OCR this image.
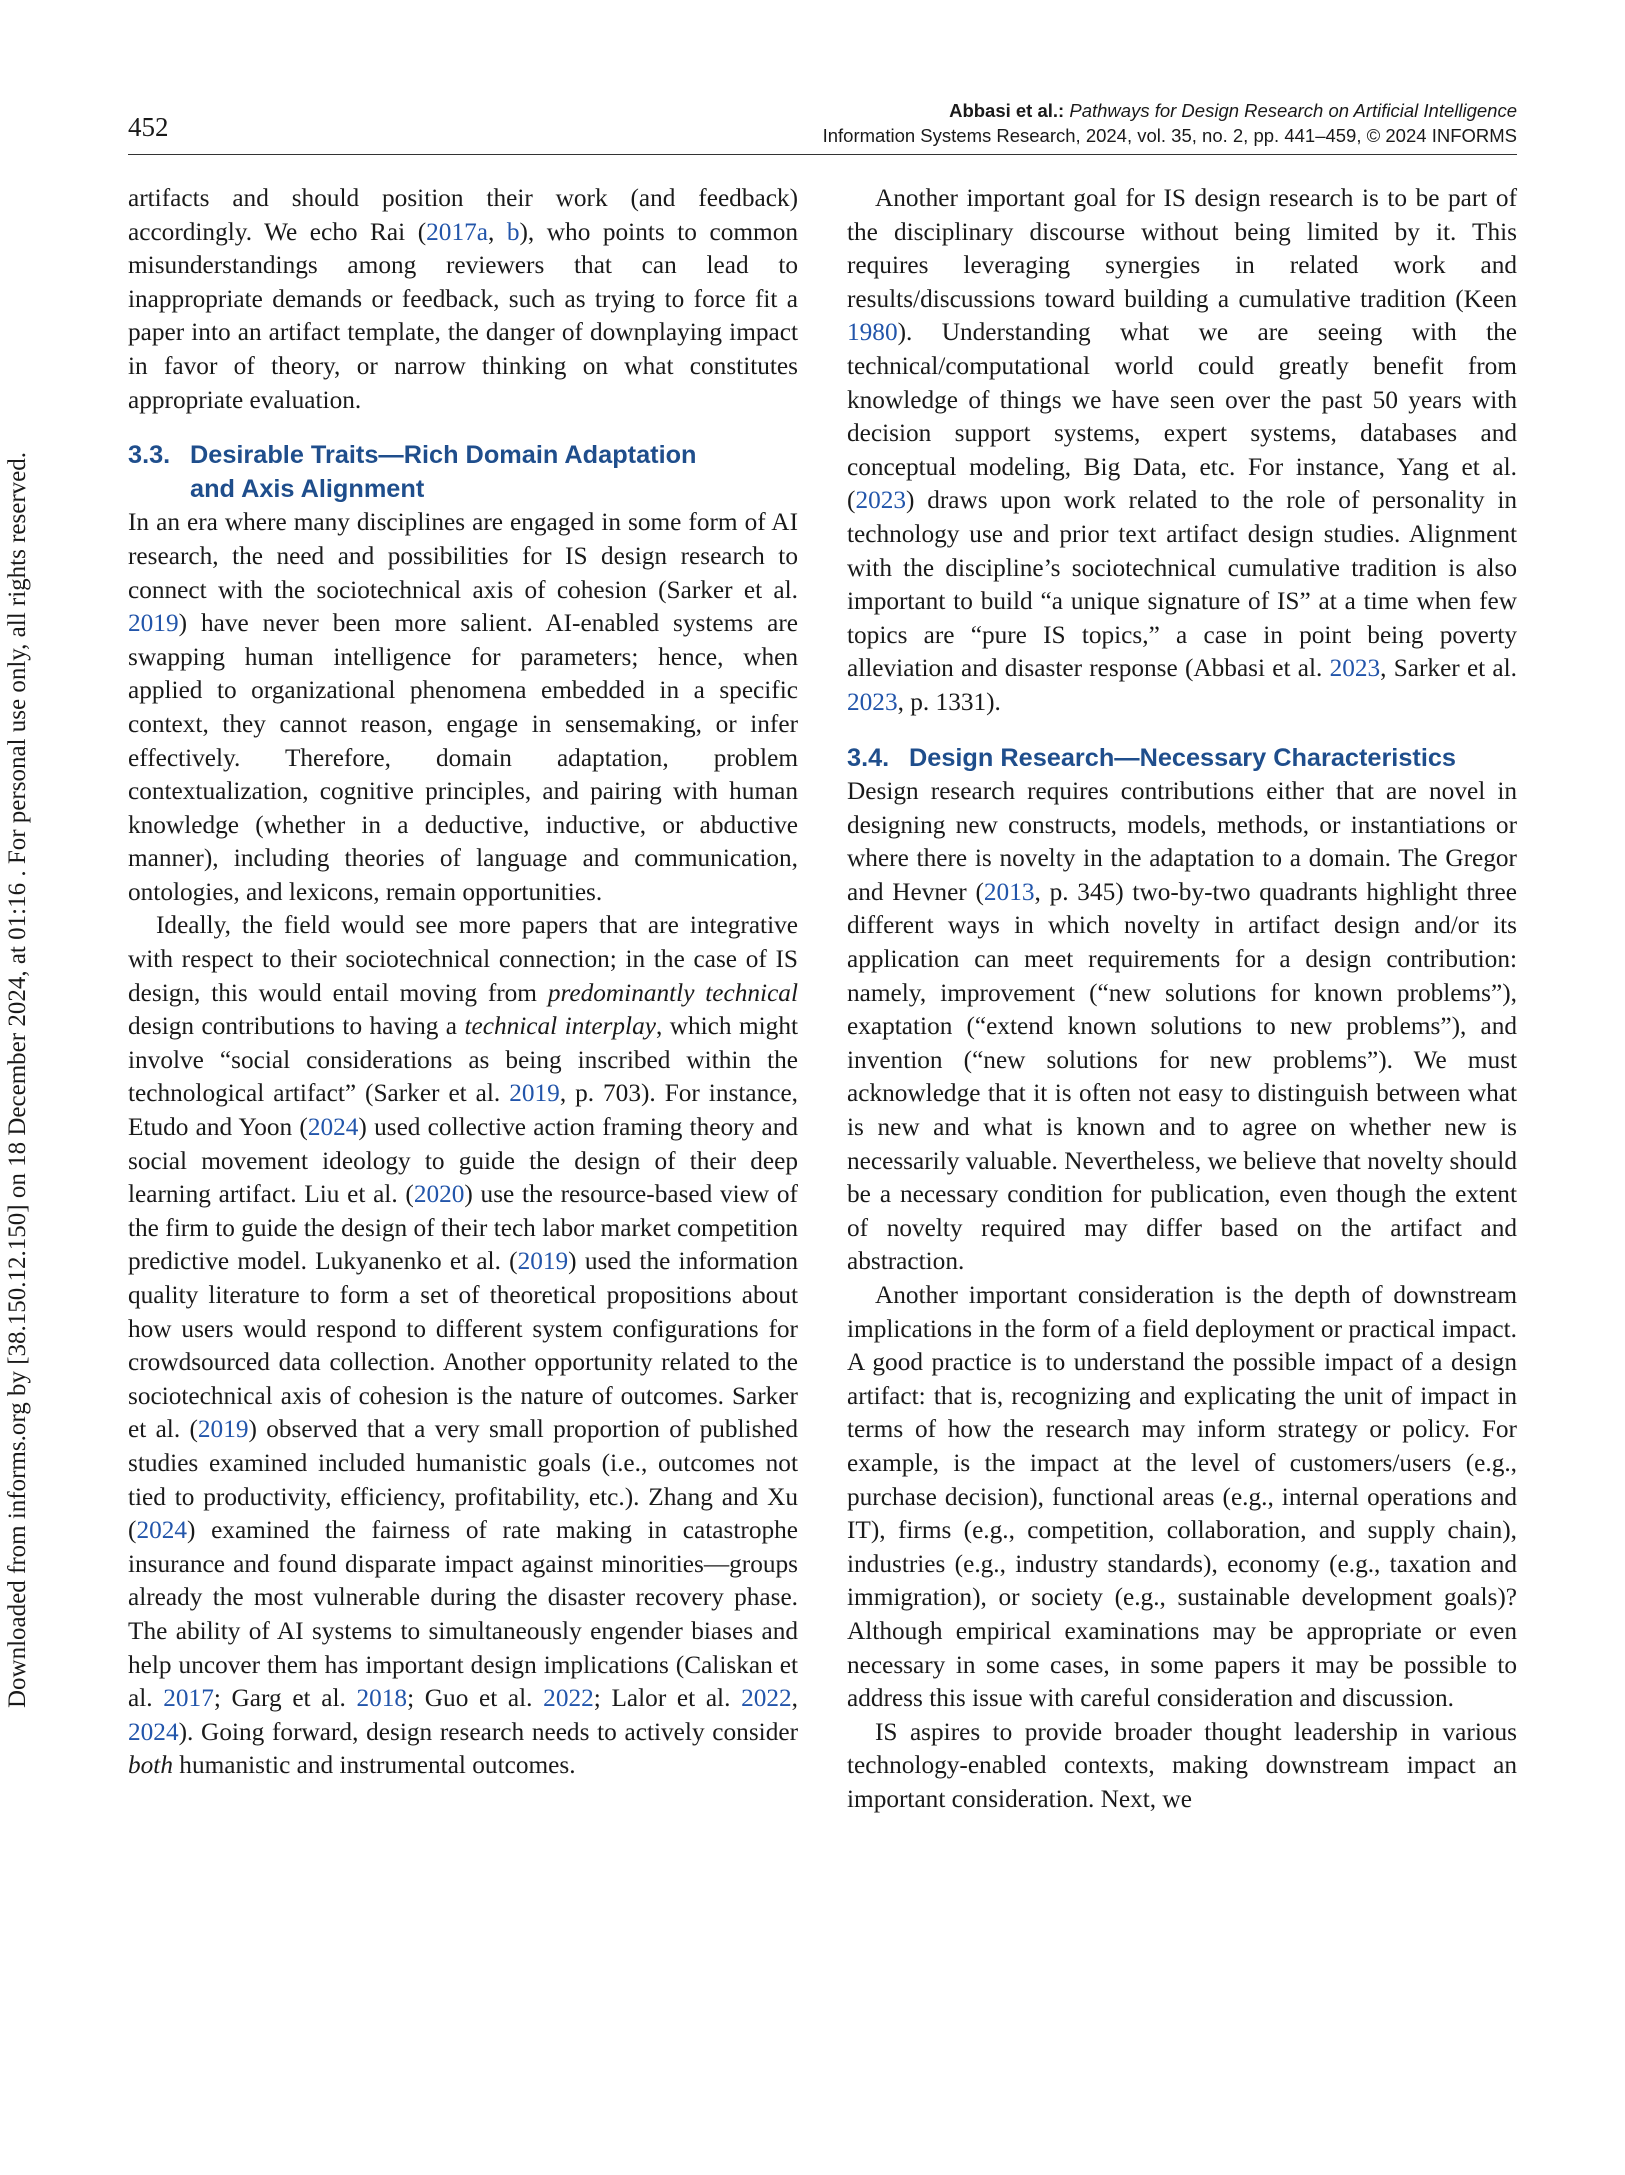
452
Abbasi et al.: Pathways for Design Research on Artificial Intelligence
Information Systems Research, 2024, vol. 35, no. 2, pp. 441–459, © 2024 INFORMS
Downloaded from informs.org by [38.150.12.150] on 18 December 2024, at 01:16 . For personal use only, all rights reserved.

artifacts and should position their work (and feedback) accordingly. We echo Rai (2017a, b), who points to common misunderstandings among reviewers that can lead to inappropriate demands or feedback, such as trying to force fit a paper into an artifact template, the danger of downplaying impact in favor of theory, or narrow thinking on what constitutes appropriate evaluation.

3.3. Desirable Traits—Rich Domain Adaptation
and Axis Alignment

In an era where many disciplines are engaged in some form of AI research, the need and possibilities for IS design research to connect with the sociotechnical axis of cohesion (Sarker et al. 2019) have never been more salient. AI-enabled systems are swapping human intelligence for parameters; hence, when applied to organizational phenomena embedded in a specific context, they cannot reason, engage in sensemaking, or infer effectively. Therefore, domain adaptation, problem contextualization, cognitive principles, and pairing with human knowledge (whether in a deductive, inductive, or abductive manner), including theories of language and communication, ontologies, and lexicons, remain opportunities.

Ideally, the field would see more papers that are integrative with respect to their sociotechnical connection; in the case of IS design, this would entail moving from predominantly technical design contributions to having a technical interplay, which might involve “social considerations as being inscribed within the technological artifact” (Sarker et al. 2019, p. 703). For instance, Etudo and Yoon (2024) used collective action framing theory and social movement ideology to guide the design of their deep learning artifact. Liu et al. (2020) use the resource-based view of the firm to guide the design of their tech labor market competition predictive model. Lukyanenko et al. (2019) used the information quality literature to form a set of theoretical propositions about how users would respond to different system configurations for crowdsourced data collection. Another opportunity related to the sociotechnical axis of cohesion is the nature of outcomes. Sarker et al. (2019) observed that a very small proportion of published studies examined included humanistic goals (i.e., outcomes not tied to productivity, efficiency, profitability, etc.). Zhang and Xu (2024) examined the fairness of rate making in catastrophe insurance and found disparate impact against minorities—groups already the most vulnerable during the disaster recovery phase. The ability of AI systems to simultaneously engender biases and help uncover them has important design implications (Caliskan et al. 2017; Garg et al. 2018; Guo et al. 2022; Lalor et al. 2022, 2024). Going forward, design research needs to actively consider both humanistic and instrumental outcomes.

Another important goal for IS design research is to be part of the disciplinary discourse without being limited by it. This requires leveraging synergies in related work and results/discussions toward building a cumulative tradition (Keen 1980). Understanding what we are seeing with the technical/computational world could greatly benefit from knowledge of things we have seen over the past 50 years with decision support systems, expert systems, databases and conceptual modeling, Big Data, etc. For instance, Yang et al. (2023) draws upon work related to the role of personality in technology use and prior text artifact design studies. Alignment with the discipline’s sociotechnical cumulative tradition is also important to build “a unique signature of IS” at a time when few topics are “pure IS topics,” a case in point being poverty alleviation and disaster response (Abbasi et al. 2023, Sarker et al. 2023, p. 1331).

3.4. Design Research—Necessary Characteristics

Design research requires contributions either that are novel in designing new constructs, models, methods, or instantiations or where there is novelty in the adaptation to a domain. The Gregor and Hevner (2013, p. 345) two-by-two quadrants highlight three different ways in which novelty in artifact design and/or its application can meet requirements for a design contribution: namely, improvement (“new solutions for known problems”), exaptation (“extend known solutions to new problems”), and invention (“new solutions for new problems”). We must acknowledge that it is often not easy to distinguish between what is new and what is known and to agree on whether new is necessarily valuable. Nevertheless, we believe that novelty should be a necessary condition for publication, even though the extent of novelty required may differ based on the artifact and abstraction.

Another important consideration is the depth of downstream implications in the form of a field deployment or practical impact. A good practice is to understand the possible impact of a design artifact: that is, recognizing and explicating the unit of impact in terms of how the research may inform strategy or policy. For example, is the impact at the level of customers/users (e.g., purchase decision), functional areas (e.g., internal operations and IT), firms (e.g., competition, collaboration, and supply chain), industries (e.g., industry standards), economy (e.g., taxation and immigration), or society (e.g., sustainable development goals)? Although empirical examinations may be appropriate or even necessary in some cases, in some papers it may be possible to address this issue with careful consideration and discussion.

IS aspires to provide broader thought leadership in various technology-enabled contexts, making downstream impact an important consideration. Next, we
